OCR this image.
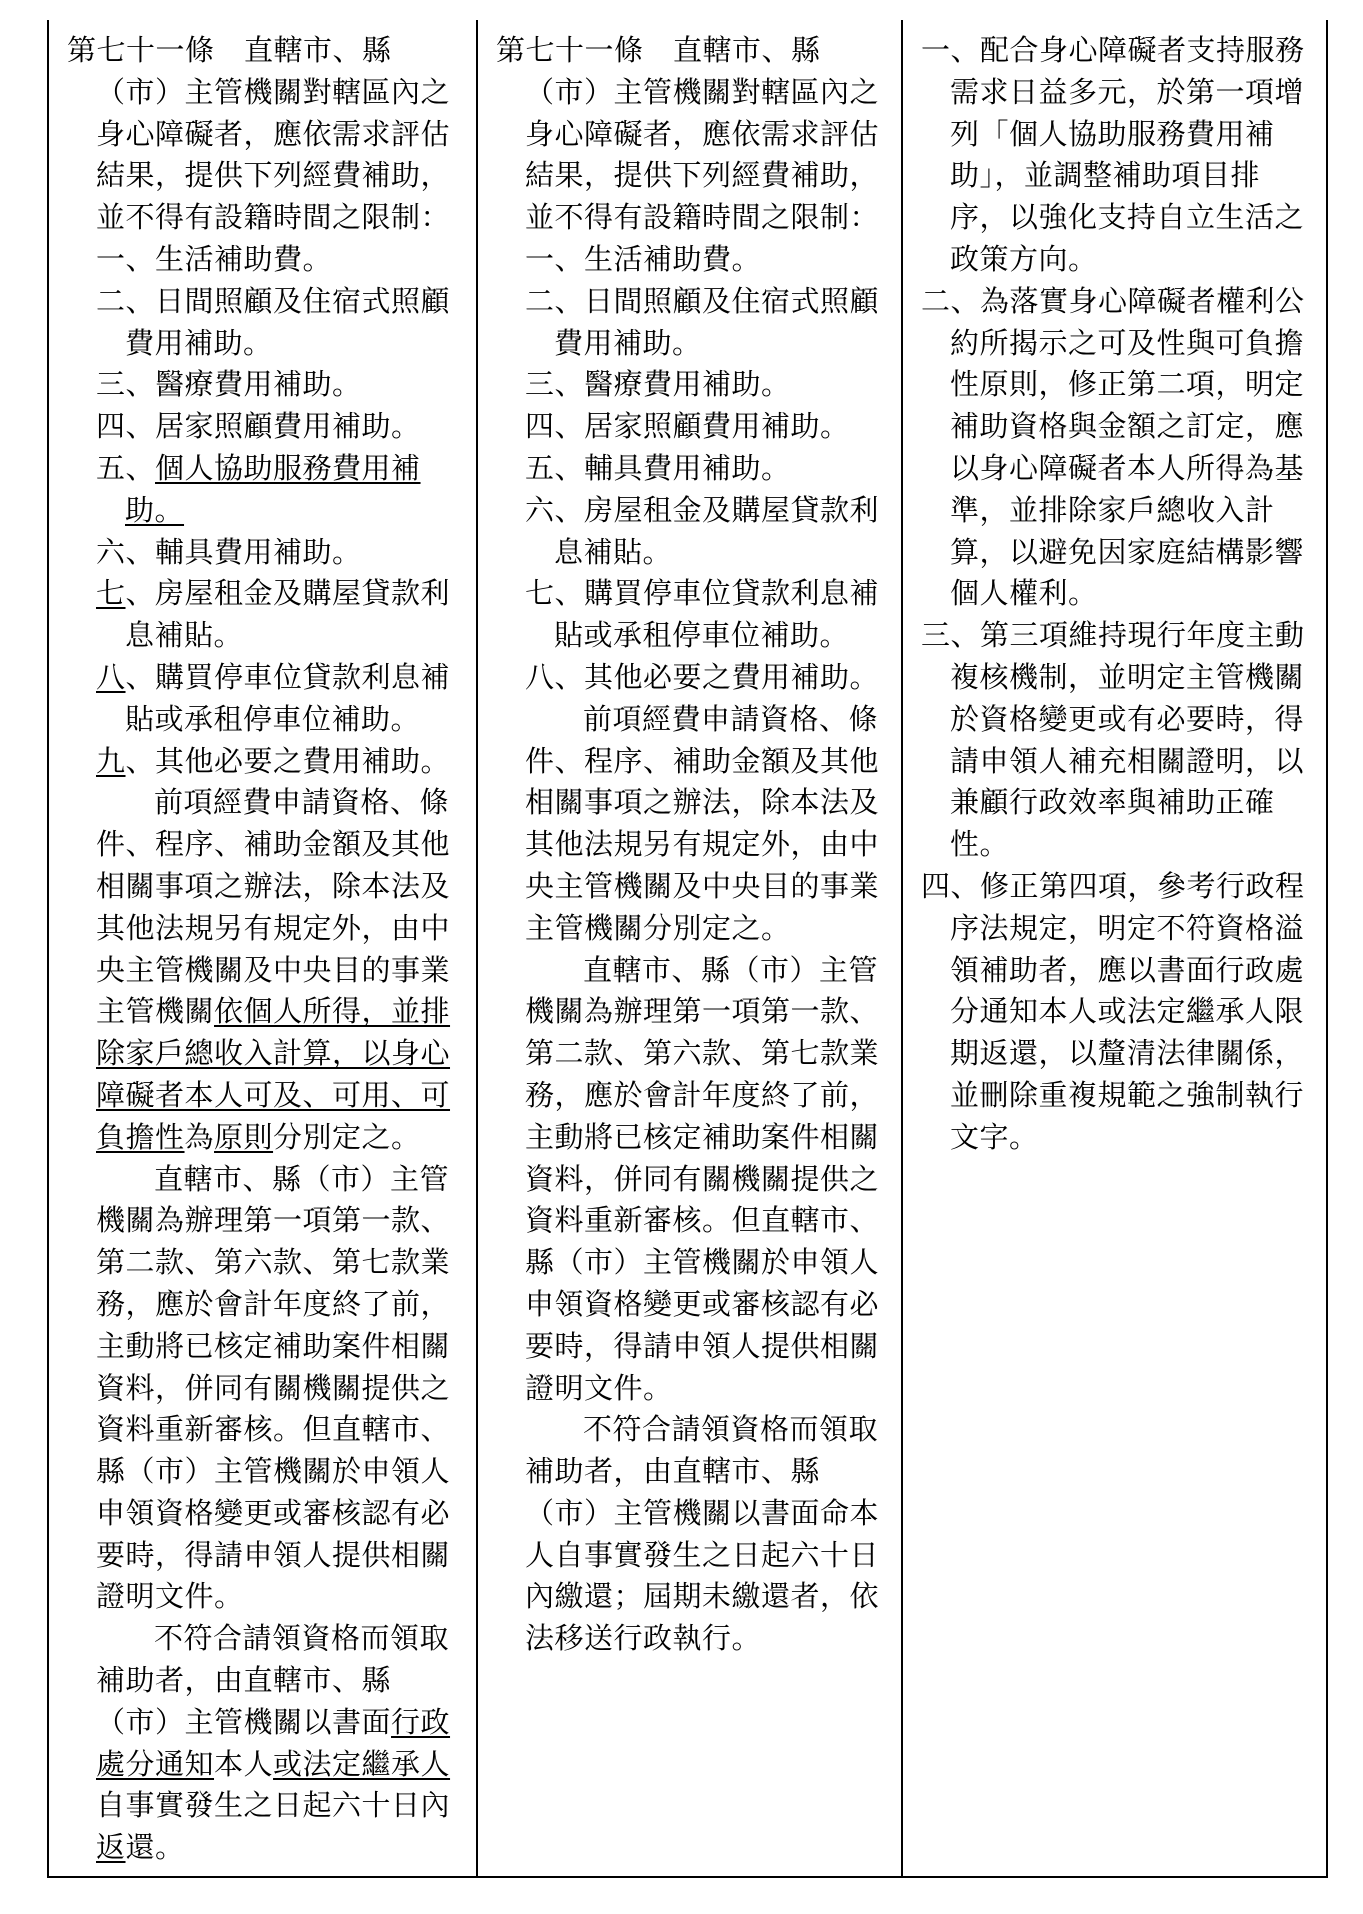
第七十一條　直轄市、縣（市）主管機關對轄區內之身心障礙者，應依需求評估結果，提供下列經費補助，並不得有設籍時間之限制：
一、生活補助費。
二、日間照顧及住宿式照顧費用補助。
三、醫療費用補助。
四、居家照顧費用補助。
五、個人協助服務費用補助。
六、輔具費用補助。
七、房屋租金及購屋貸款利息補貼。
八、購買停車位貸款利息補貼或承租停車位補助。
九、其他必要之費用補助。
前項經費申請資格、條件、程序、補助金額及其他相關事項之辦法，除本法及其他法規另有規定外，由中央主管機關及中央目的事業主管機關依個人所得，並排除家戶總收入計算，以身心障礙者本人可及、可用、可負擔性為原則分別定之。
直轄市、縣（市）主管機關為辦理第一項第一款、第二款、第六款、第七款業務，應於會計年度終了前，主動將已核定補助案件相關資料，併同有關機關提供之資料重新審核。但直轄市、縣（市）主管機關於申領人申領資格變更或審核認有必要時，得請申領人提供相關證明文件。
不符合請領資格而領取補助者，由直轄市、縣（市）主管機關以書面行政處分通知本人或法定繼承人自事實發生之日起六十日內返還。
第七十一條　直轄市、縣（市）主管機關對轄區內之身心障礙者，應依需求評估結果，提供下列經費補助，並不得有設籍時間之限制：
一、生活補助費。
二、日間照顧及住宿式照顧費用補助。
三、醫療費用補助。
四、居家照顧費用補助。
五、輔具費用補助。
六、房屋租金及購屋貸款利息補貼。
七、購買停車位貸款利息補貼或承租停車位補助。
八、其他必要之費用補助。
前項經費申請資格、條件、程序、補助金額及其他相關事項之辦法，除本法及其他法規另有規定外，由中央主管機關及中央目的事業主管機關分別定之。
直轄市、縣（市）主管機關為辦理第一項第一款、第二款、第六款、第七款業務，應於會計年度終了前，主動將已核定補助案件相關資料，併同有關機關提供之資料重新審核。但直轄市、縣（市）主管機關於申領人申領資格變更或審核認有必要時，得請申領人提供相關證明文件。
不符合請領資格而領取補助者，由直轄市、縣（市）主管機關以書面命本人自事實發生之日起六十日內繳還；屆期未繳還者，依法移送行政執行。
一、配合身心障礙者支持服務需求日益多元，於第一項增列「個人協助服務費用補助」，並調整補助項目排序，以強化支持自立生活之政策方向。
二、為落實身心障礙者權利公約所揭示之可及性與可負擔性原則，修正第二項，明定補助資格與金額之訂定，應以身心障礙者本人所得為基準，並排除家戶總收入計算，以避免因家庭結構影響個人權利。
三、第三項維持現行年度主動複核機制，並明定主管機關於資格變更或有必要時，得請申領人補充相關證明，以兼顧行政效率與補助正確性。
四、修正第四項，參考行政程序法規定，明定不符資格溢領補助者，應以書面行政處分通知本人或法定繼承人限期返還，以釐清法律關係，並刪除重複規範之強制執行文字。
